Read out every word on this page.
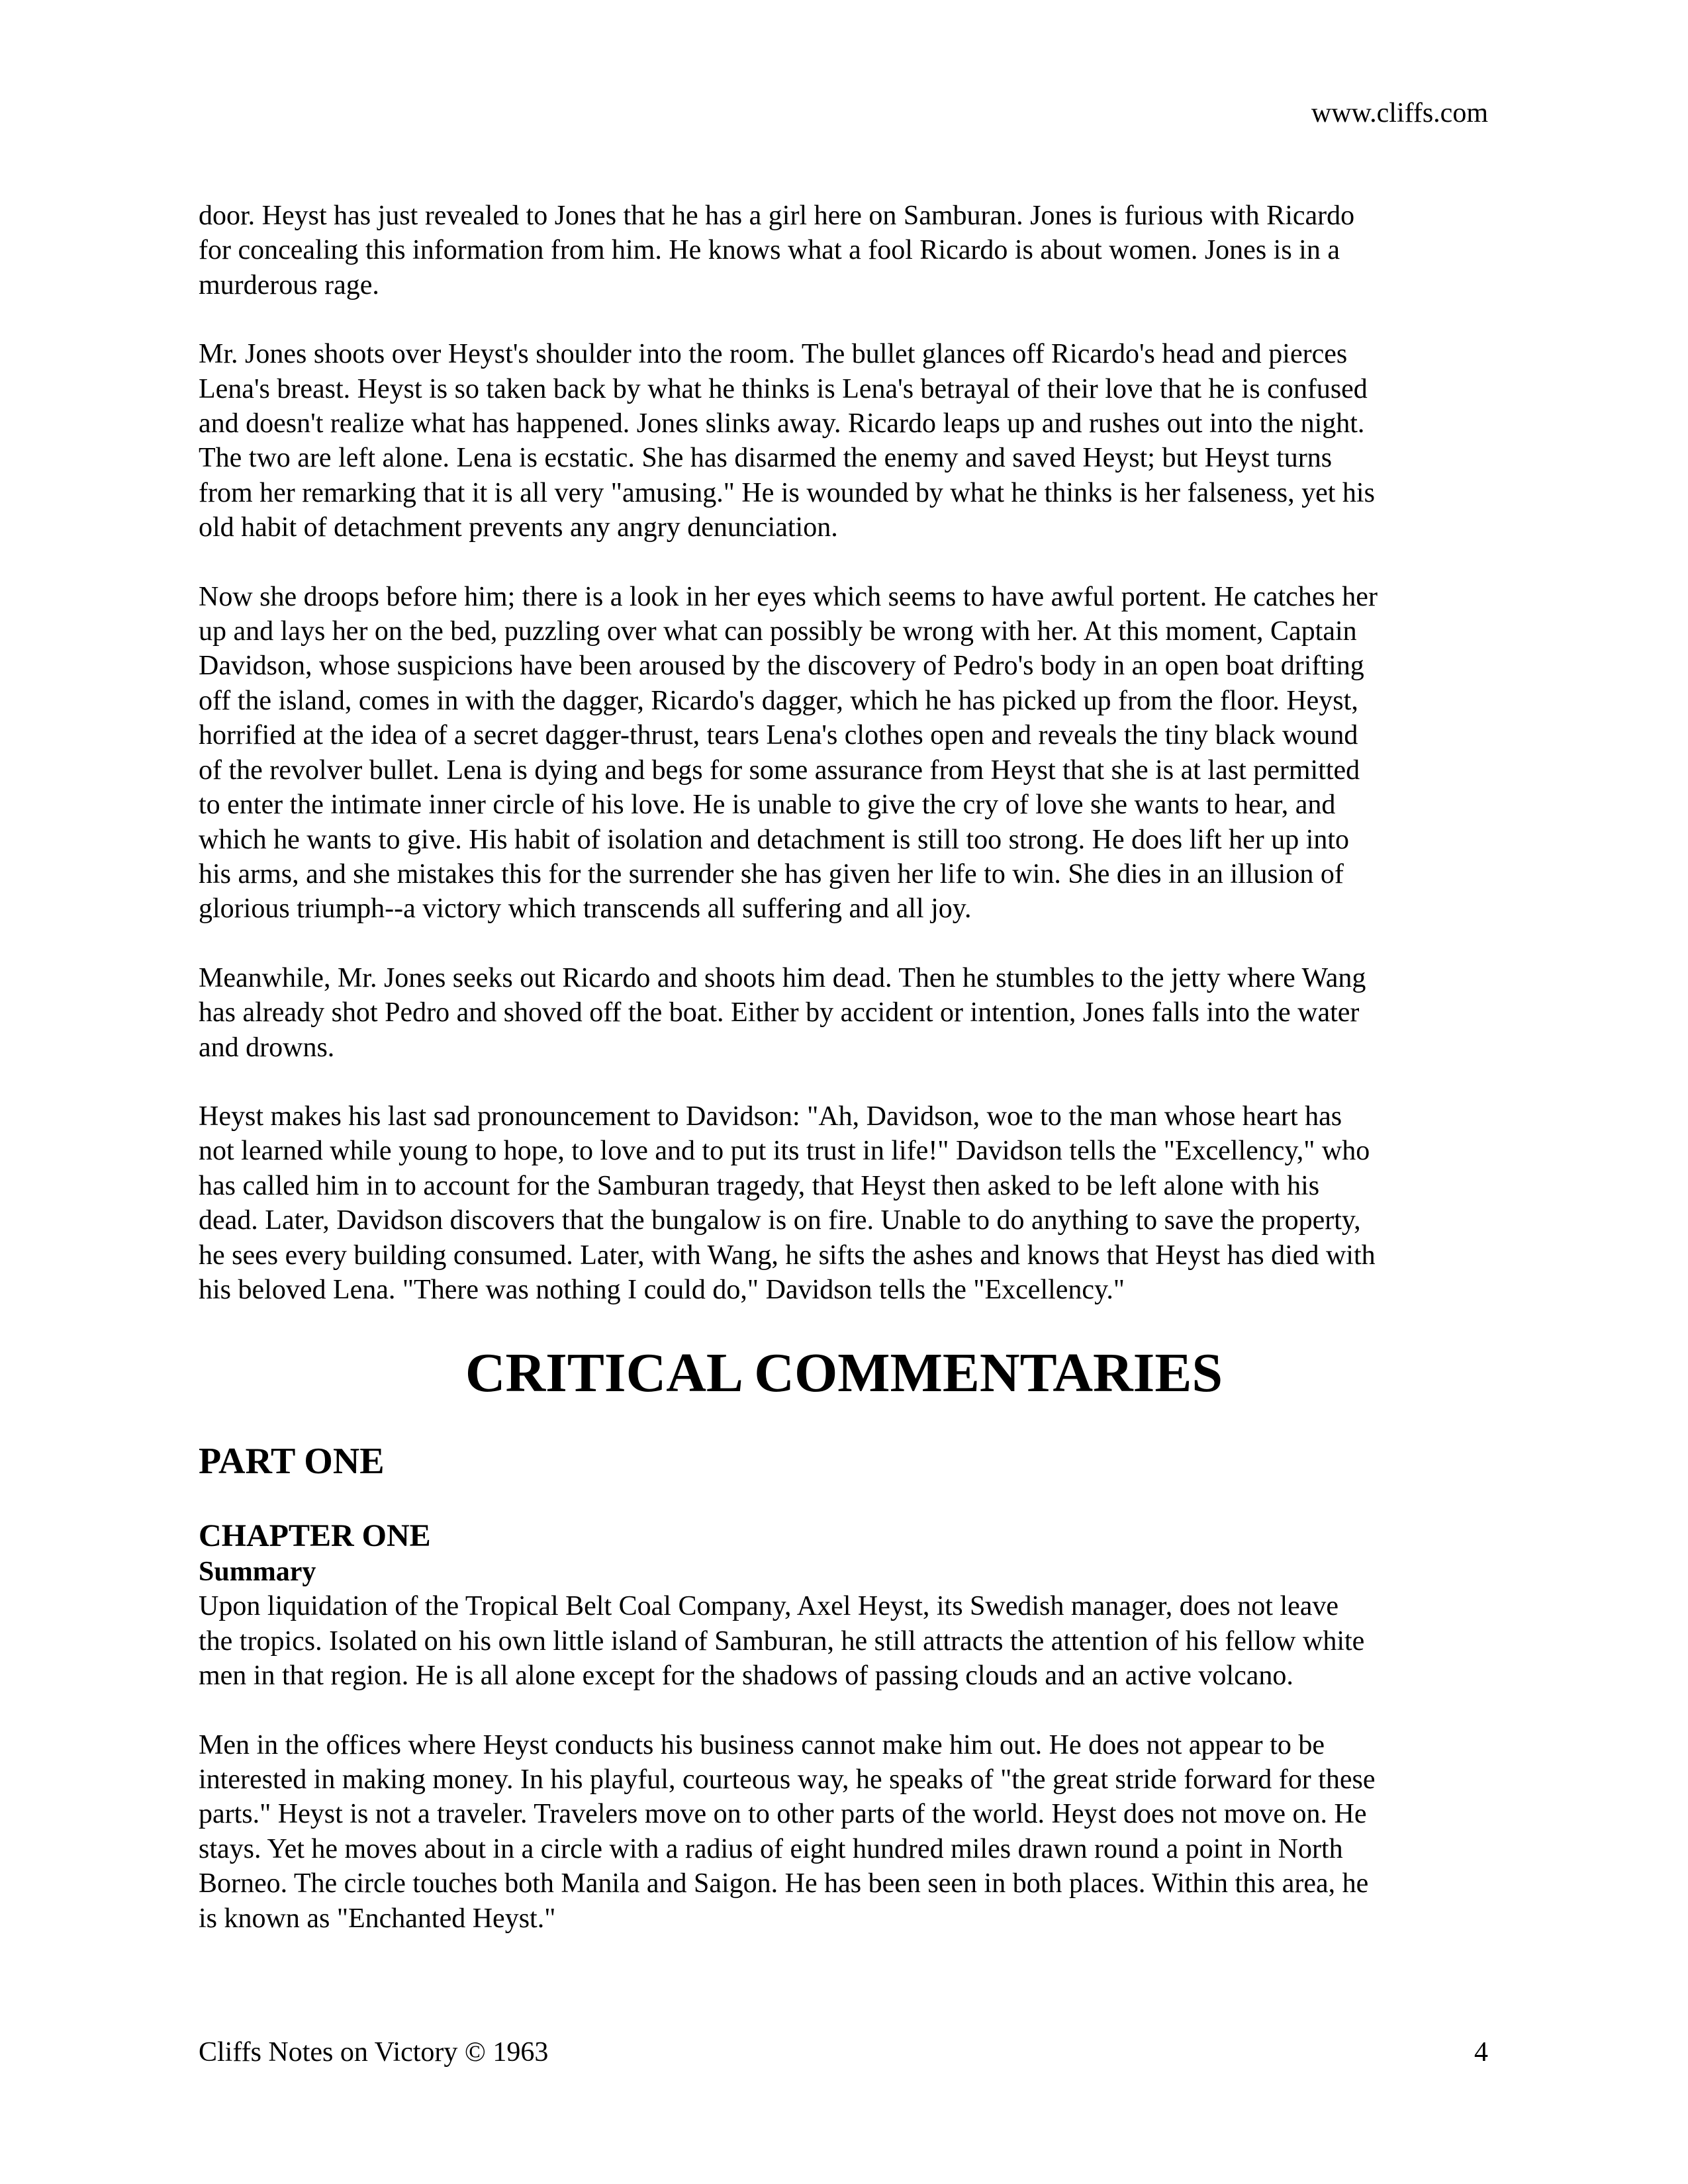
www.cliffs.com

door. Heyst has just revealed to Jones that he has a girl here on Samburan. Jones is furious with Ricardo
for concealing this information from him. He knows what a fool Ricardo is about women. Jones is in a
murderous rage.

Mr. Jones shoots over Heyst's shoulder into the room. The bullet glances off Ricardo's head and pierces
Lena's breast. Heyst is so taken back by what he thinks is Lena's betrayal of their love that he is confused
and doesn't realize what has happened. Jones slinks away. Ricardo leaps up and rushes out into the night.
The two are left alone. Lena is ecstatic. She has disarmed the enemy and saved Heyst; but Heyst turns
from her remarking that it is all very "amusing." He is wounded by what he thinks is her falseness, yet his
old habit of detachment prevents any angry denunciation.

Now she droops before him; there is a look in her eyes which seems to have awful portent. He catches her
up and lays her on the bed, puzzling over what can possibly be wrong with her. At this moment, Captain
Davidson, whose suspicions have been aroused by the discovery of Pedro's body in an open boat drifting
off the island, comes in with the dagger, Ricardo's dagger, which he has picked up from the floor. Heyst,
horrified at the idea of a secret dagger-thrust, tears Lena's clothes open and reveals the tiny black wound
of the revolver bullet. Lena is dying and begs for some assurance from Heyst that she is at last permitted
to enter the intimate inner circle of his love. He is unable to give the cry of love she wants to hear, and
which he wants to give. His habit of isolation and detachment is still too strong. He does lift her up into
his arms, and she mistakes this for the surrender she has given her life to win. She dies in an illusion of
glorious triumph--a victory which transcends all suffering and all joy.

Meanwhile, Mr. Jones seeks out Ricardo and shoots him dead. Then he stumbles to the jetty where Wang
has already shot Pedro and shoved off the boat. Either by accident or intention, Jones falls into the water
and drowns.

Heyst makes his last sad pronouncement to Davidson: "Ah, Davidson, woe to the man whose heart has
not learned while young to hope, to love and to put its trust in life!" Davidson tells the "Excellency," who
has called him in to account for the Samburan tragedy, that Heyst then asked to be left alone with his
dead. Later, Davidson discovers that the bungalow is on fire. Unable to do anything to save the property,
he sees every building consumed. Later, with Wang, he sifts the ashes and knows that Heyst has died with
his beloved Lena. "There was nothing I could do," Davidson tells the "Excellency."

CRITICAL COMMENTARIES
PART ONE
CHAPTER ONE
Summary

Upon liquidation of the Tropical Belt Coal Company, Axel Heyst, its Swedish manager, does not leave
the tropics. Isolated on his own little island of Samburan, he still attracts the attention of his fellow white
men in that region. He is all alone except for the shadows of passing clouds and an active volcano.

Men in the offices where Heyst conducts his business cannot make him out. He does not appear to be
interested in making money. In his playful, courteous way, he speaks of "the great stride forward for these
parts." Heyst is not a traveler. Travelers move on to other parts of the world. Heyst does not move on. He
stays. Yet he moves about in a circle with a radius of eight hundred miles drawn round a point in North
Borneo. The circle touches both Manila and Saigon. He has been seen in both places. Within this area, he
is known as "Enchanted Heyst."

Cliffs Notes on Victory © 1963	4
